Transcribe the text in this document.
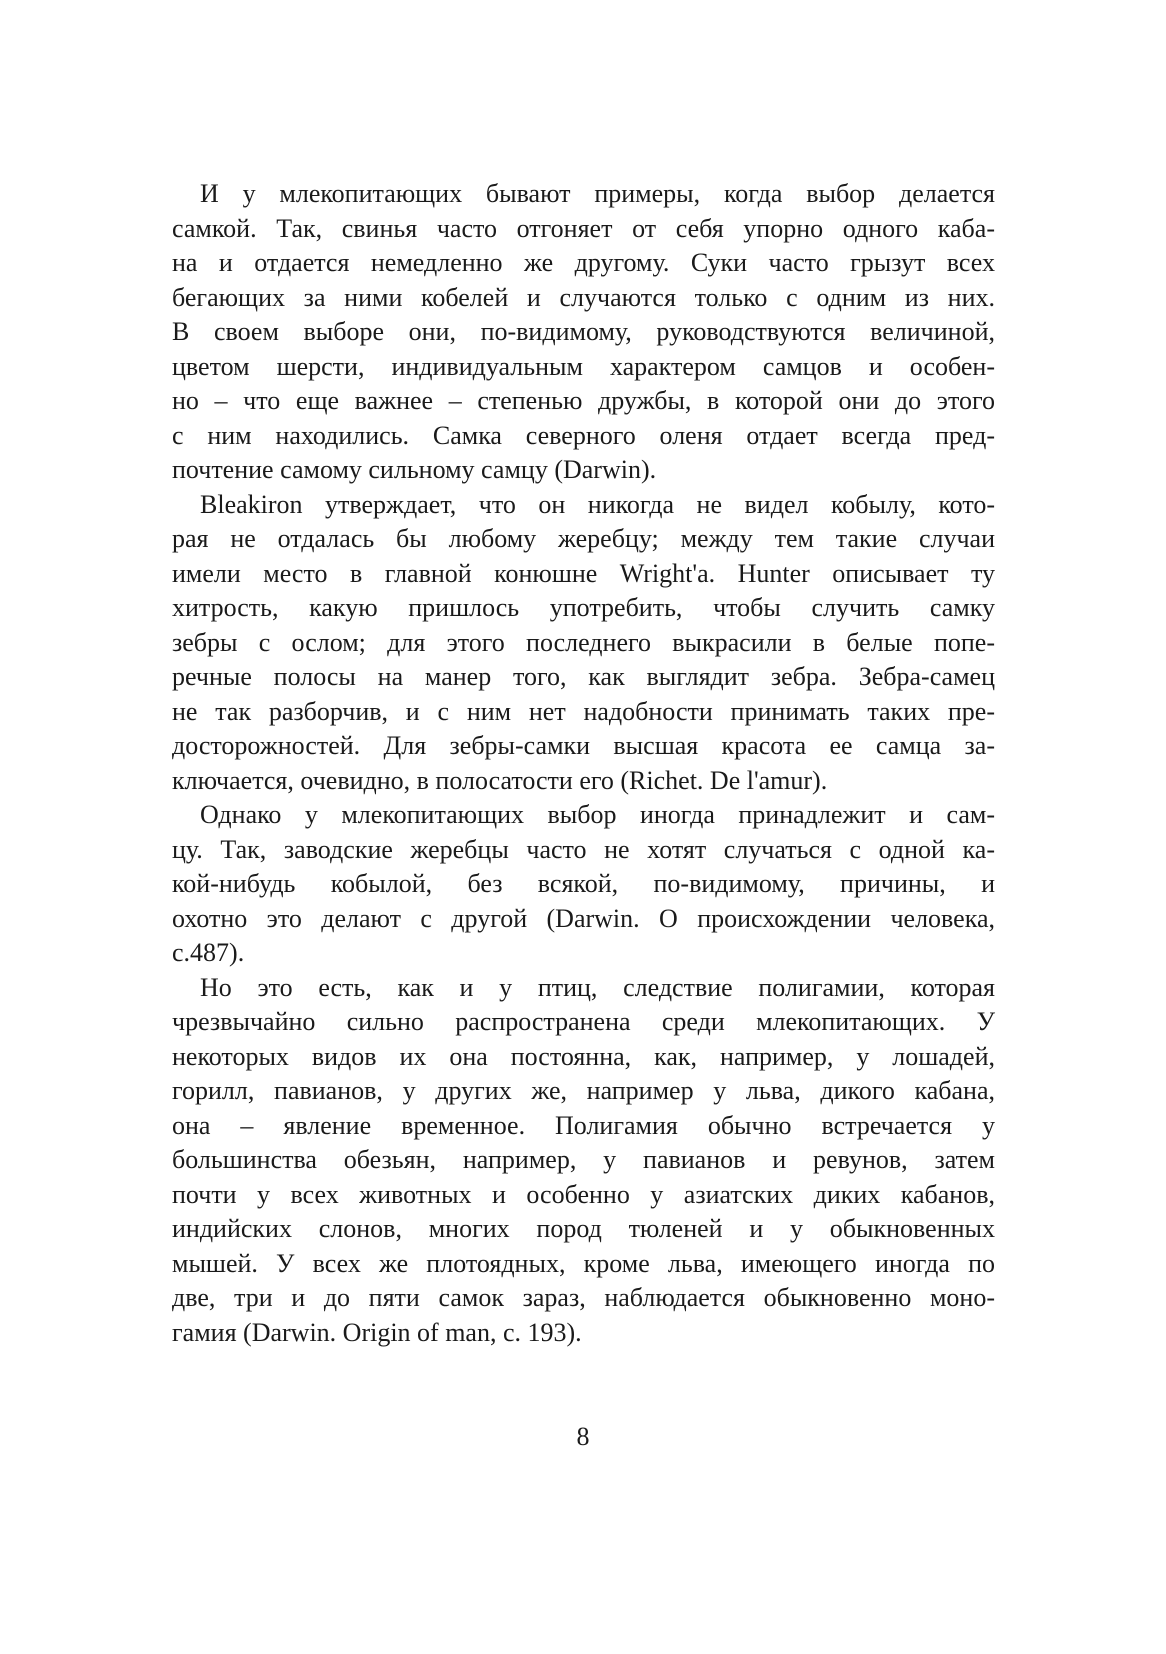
И у млекопитающих бывают примеры, когда выбор делается
самкой. Так, свинья часто отгоняет от себя упорно одного каба-
на и отдается немедленно же другому. Суки часто грызут всех
бегающих за ними кобелей и случаются только с одним из них.
В своем выборе они, по-видимому, руководствуются величиной,
цветом шерсти, индивидуальным характером самцов и особен-
но – что еще важнее – степенью дружбы, в которой они до этого
с ним находились. Самка северного оленя отдает всегда пред-
почтение самому сильному самцу (Darwin).
Bleakiron утверждает, что он никогда не видел кобылу, кото-
рая не отдалась бы любому жеребцу; между тем такие случаи
имели место в главной конюшне Wright'a. Hunter описывает ту
хитрость, какую пришлось употребить, чтобы случить самку
зебры с ослом; для этого последнего выкрасили в белые попе-
речные полосы на манер того, как выглядит зебра. Зебра-самец
не так разборчив, и с ним нет надобности принимать таких пре-
досторожностей. Для зебры-самки высшая красота ее самца за-
ключается, очевидно, в полосатости его (Richet. De l'amur).
Однако у млекопитающих выбор иногда принадлежит и сам-
цу. Так, заводские жеребцы часто не хотят случаться с одной ка-
кой-нибудь кобылой, без всякой, по-видимому, причины, и
охотно это делают с другой (Darwin. О происхождении человека,
с.487).
Но это есть, как и у птиц, следствие полигамии, которая
чрезвычайно сильно распространена среди млекопитающих. У
некоторых видов их она постоянна, как, например, у лошадей,
горилл, павианов, у других же, например у льва, дикого кабана,
она – явление временное. Полигамия обычно встречается у
большинства обезьян, например, у павианов и ревунов, затем
почти у всех животных и особенно у азиатских диких кабанов,
индийских слонов, многих пород тюленей и у обыкновенных
мышей. У всех же плотоядных, кроме льва, имеющего иногда по
две, три и до пяти самок зараз, наблюдается обыкновенно моно-
гамия (Darwin. Origin of man, с. 193).
8
